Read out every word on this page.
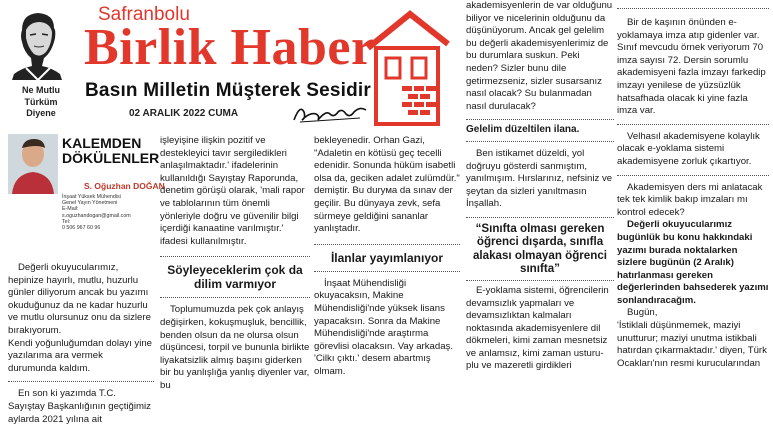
Ne Mutlu
Türküm
Diyene
Safranbolu
Birlik Haber
Basın Milletin Müşterek Sesidir
02 ARALIK 2022 CUMA
KALEMDEN
DÖKÜLENLER
S. Oğuzhan DOĞAN
İnşaat Yüksek Mühendisi
Genel Yayın Yönetmeni
E-Mail:
s.oguzhandogan@gmail.com
Tel:
0 506 967 60 96

Değerli okuyucularımız, hepinize hayırlı, mutlu, huzurlu günler diliyorum ancak bu yazımı okuduğunuz da ne kadar huzurlu ve mutlu olursunuz onu da sizlere bırakıyorum.

Kendi yoğunluğumdan dolayı yine yazılarıma ara vermek durumunda kaldım.

En son ki yazımda T.C. Sayıştay Başkanlığının geçtiğimiz aylarda 2021 yılına ait

işleyişine ilişkin pozitif ve destekleyici tavır sergiledikleri anlaşılmaktadır.' ifadelerinin kullanıldığı Sayıştay Raporunda, denetim görüşü olarak, 'mali rapor ve tablolarının tüm önemli yönleriyle doğru ve güvenilir bilgi içerdiği kanaatine varılmıştır.' ifadesi kullanılmıştır.

Söyleyeceklerim çok da dilim varmıyor

Toplumumuzda pek çok anlayış değişirken, kokuşmuşluk, bencillik, benden olsun da ne olursa olsun düşüncesi, torpil ve bununla birlikte liyakatsizlik almış başını giderken bir bu yanlışlığa yanlış diyenler var, bu

bekleyenedir. Orhan Gazi, "Adaletin en kötüsü geç tecelli edenidir. Sonunda hüküm isabetli olsa da, geciken adalet zulümdür." demiştir. Bu durума da sınav der geçilir. Bu dünyaya zevk, sefa sürmeye geldiğini sananlar yanlıştadır.

İlanlar yayımlanıyor

İnşaat Mühendisliği okuyacaksın, Makine Mühendisliği'nde yüksek lisans yapacaksın. Sonra da Makine Mühendisliği'nde araştırma görevlisi olacaksın. Vay arkadaş. 'Cilkı çıktı.' desem abartmış olmam.

akademisyenlerin de var olduğunu biliyor ve nicelerinin olduğunu da düşünüyorum. Ancak gel gelelim bu değerli akademisyenlerimiz de bu durumlara suskun. Peki neden? Sizler bunu dile getirmezseniz, sizler susarsanız nasıl olacak? Su bulanmadan nasıl durulacak?

Gelelim düzeltilen ilana.

Ben istikamet düzeldi, yol doğruyu gösterdi sanmıştım, yanılmışım. Hırslarınız, nefsiniz ve şeytan da sizleri yanıltmasın İnşallah.

“Sınıfta olması gereken öğrenci dışarda, sınıfla alakası olmayan öğrenci sınıfta”

E-yoklama sistemi, öğrencilerin devamsızlık yapmaları ve devamsızlıktan kalmaları noktasında akademisyenlere dil dökmeleri, kimi zaman mesnetsiz ve anlamsız, kimi zaman usturu-plu ve mazeretli girdikleri

Bir de kaşının önünden e-yoklamaya imza atıp gidenler var. Sınıf mevcudu örnek veriyorum 70 imza sayısı 72. Dersin sorumlu akademisyeni fazla imzayı farkedip imzayı yenilese de yüzsüzlük hatsafhada olacak ki yine fazla imza var.

Velhasıl akademisyene kolaylık olacak e-yoklama sistemi akademisyene zorluk çıkartıyor.

Akademisyen ders mi anlatacak tek tek kimlik bakıp imzaları mı kontrol edecek?

Değerli okuyucularımız bugünlük bu konu hakkındaki yazımı burada noktalarken sizlere bugünün (2 Aralık) hatırlanması gereken değerlerinden bahsederek yazımı sonlandıracağım.

Bugün,

'İstiklali düşünmemek, maziyi unutturur; maziyi unutma istikbali hatırdan çıkarmaktadır.' diyen, Türk Ocakları'nın resmi kurucularından
